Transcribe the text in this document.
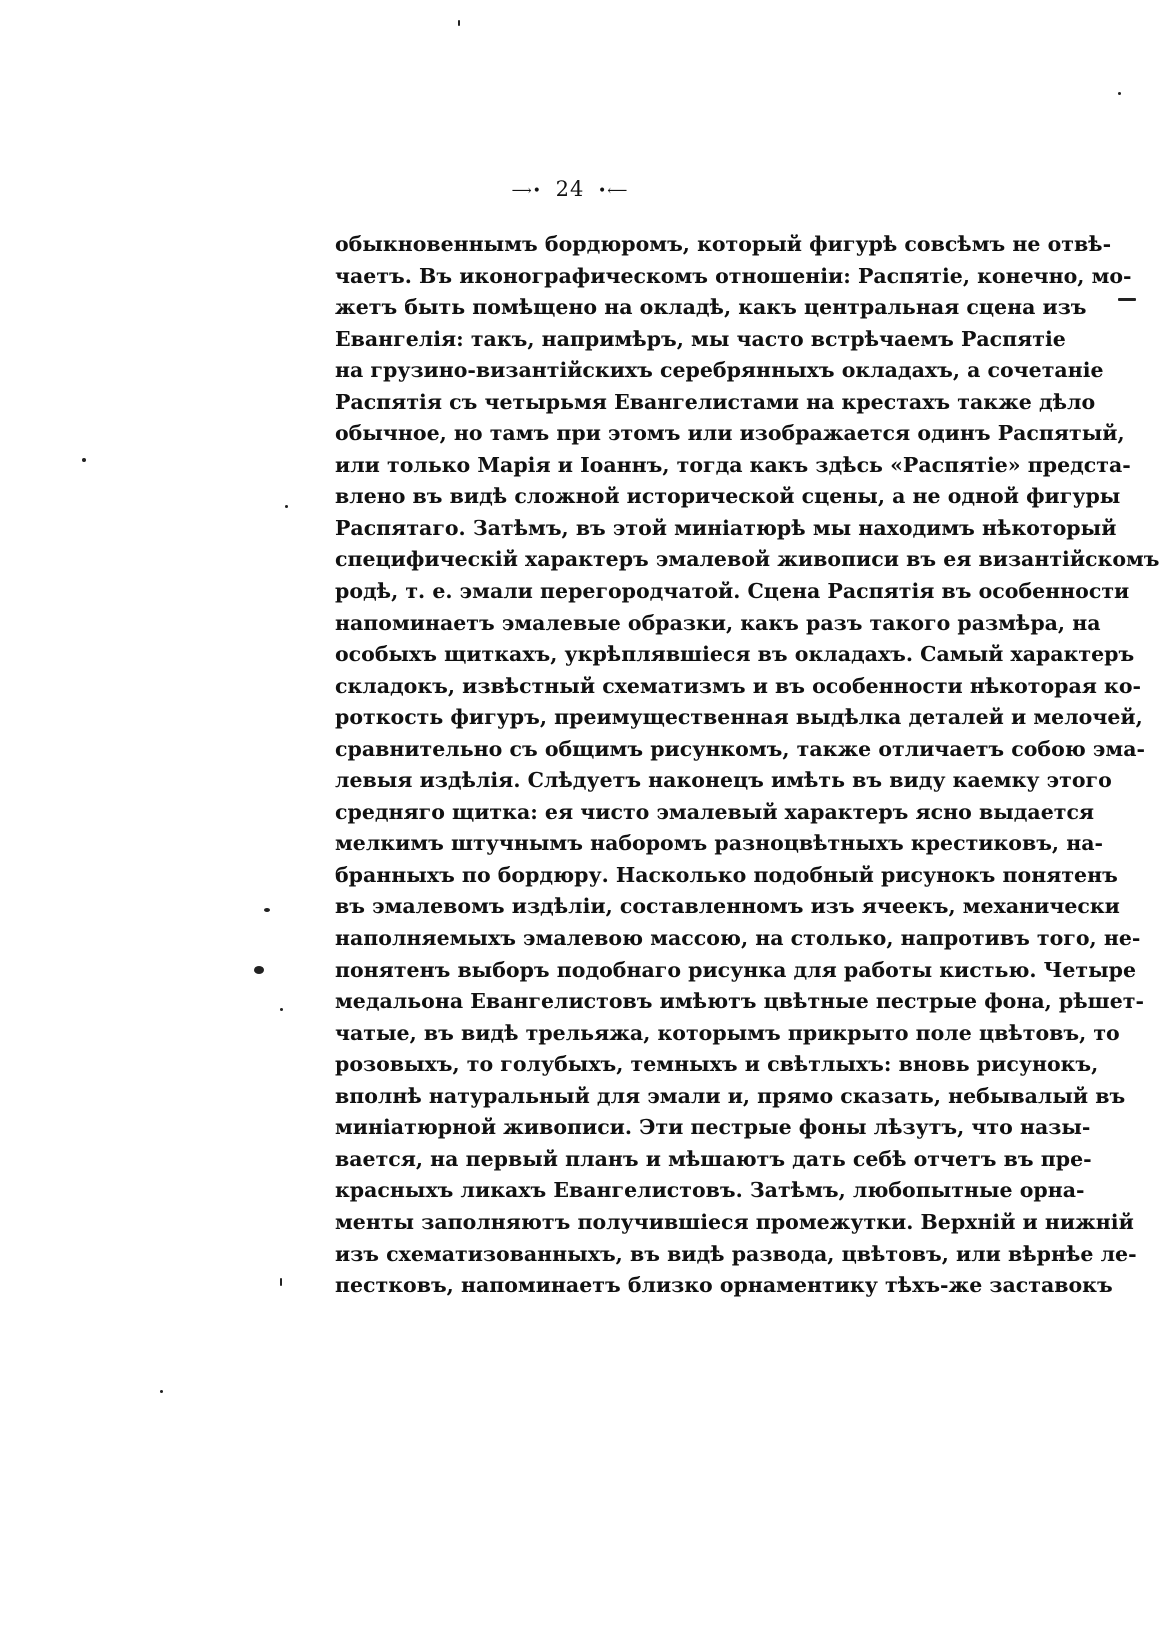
⟶• 24 •⟵
обыкновеннымъ бордюромъ, который фигурѣ совсѣмъ не отвѣ-
чаетъ. Въ иконографическомъ отношенiи: Распятiе, конечно, мо-
жетъ быть помѣщено на окладѣ, какъ центральная сцена изъ
Евангелiя: такъ, напримѣръ, мы часто встрѣчаемъ Распятiе
на грузино-византiйскихъ серебрянныхъ окладахъ, а сочетанiе
Распятiя съ четырьмя Евангелистами на крестахъ также дѣло
обычное, но тамъ при этомъ или изображается одинъ Распятый,
или только Марiя и Iоаннъ, тогда какъ здѣсь «Распятiе» предста-
влено въ видѣ сложной исторической сцены, а не одной фигуры
Распятаго. Затѣмъ, въ этой миніатюрѣ мы находимъ нѣкоторый
специфическiй характеръ эмалевой живописи въ ея византiйскомъ
родѣ, т. е. эмали перегородчатой. Сцена Распятiя въ особенности
напоминаетъ эмалевые образки, какъ разъ такого размѣра, на
особыхъ щиткахъ, укрѣплявшiеся въ окладахъ. Самый характеръ
складокъ, извѣстный схематизмъ и въ особенности нѣкоторая ко-
роткость фигуръ, преимущественная выдѣлка деталей и мелочей,
сравнительно съ общимъ рисункомъ, также отличаетъ собою эма-
левыя издѣлiя. Слѣдуетъ наконецъ имѣть въ виду каемку этого
средняго щитка: ея чисто эмалевый характеръ ясно выдается
мелкимъ штучнымъ наборомъ разноцвѣтныхъ крестиковъ, на-
бранныхъ по бордюру. Насколько подобный рисунокъ понятенъ
въ эмалевомъ издѣлiи, составленномъ изъ ячеекъ, механически
наполняемыхъ эмалевою массою, на столько, напротивъ того, не-
понятенъ выборъ подобнаго рисунка для работы кистью. Четыре
медальона Евангелистовъ имѣютъ цвѣтные пестрые фона, рѣшет-
чатые, въ видѣ трельяжа, которымъ прикрыто поле цвѣтовъ, то
розовыхъ, то голубыхъ, темныхъ и свѣтлыхъ: вновь рисунокъ,
вполнѣ натуральный для эмали и, прямо сказать, небывалый въ
миніатюрной живописи. Эти пестрые фоны лѣзутъ, что назы-
вается, на первый планъ и мѣшаютъ дать себѣ отчетъ въ пре-
красныхъ ликахъ Евангелистовъ. Затѣмъ, любопытные орна-
менты заполняютъ получившiеся промежутки. Верхнiй и нижнiй
изъ схематизованныхъ, въ видѣ развода, цвѣтовъ, или вѣрнѣе ле-
пестковъ, напоминаетъ близко орнаментику тѣхъ-же заставокъ
